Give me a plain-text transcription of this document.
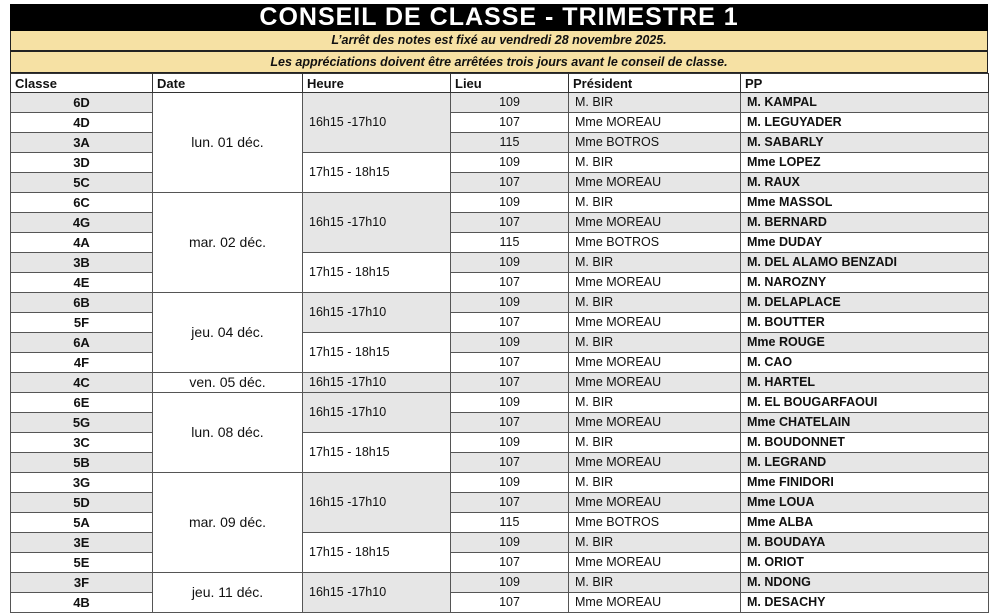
CONSEIL DE CLASSE - TRIMESTRE 1
L’arrêt des notes est fixé au vendredi 28 novembre 2025.
Les appréciations doivent être arrêtées trois jours avant le conseil de classe.
Classe	Date	Heure	Lieu	Président	PP
6D	lun. 01 déc.	16h15 -17h10	109	M. BIR	M. KAMPAL
4D			107	Mme MOREAU	M. LEGUYADER
3A			115	Mme BOTROS	M. SABARLY
3D		17h15 - 18h15	109	M. BIR	Mme LOPEZ
5C			107	Mme MOREAU	M. RAUX
6C	mar. 02 déc.	16h15 -17h10	109	M. BIR	Mme MASSOL
4G			107	Mme MOREAU	M. BERNARD
4A			115	Mme BOTROS	Mme DUDAY
3B		17h15 - 18h15	109	M. BIR	M. DEL ALAMO BENZADI
4E			107	Mme MOREAU	M. NAROZNY
6B	jeu. 04 déc.	16h15 -17h10	109	M. BIR	M. DELAPLACE
5F			107	Mme MOREAU	M. BOUTTER
6A		17h15 - 18h15	109	M. BIR	Mme ROUGE
4F			107	Mme MOREAU	M. CAO
4C	ven. 05 déc.	16h15 -17h10	107	Mme MOREAU	M. HARTEL
6E	lun. 08 déc.	16h15 -17h10	109	M. BIR	M. EL BOUGARFAOUI
5G			107	Mme MOREAU	Mme CHATELAIN
3C		17h15 - 18h15	109	M. BIR	M. BOUDONNET
5B			107	Mme MOREAU	M. LEGRAND
3G	mar. 09 déc.	16h15 -17h10	109	M. BIR	Mme FINIDORI
5D			107	Mme MOREAU	Mme LOUA
5A			115	Mme BOTROS	Mme ALBA
3E		17h15 - 18h15	109	M. BIR	M. BOUDAYA
5E			107	Mme MOREAU	M. ORIOT
3F	jeu. 11 déc.	16h15 -17h10	109	M. BIR	M. NDONG
4B			107	Mme MOREAU	M. DESACHY
